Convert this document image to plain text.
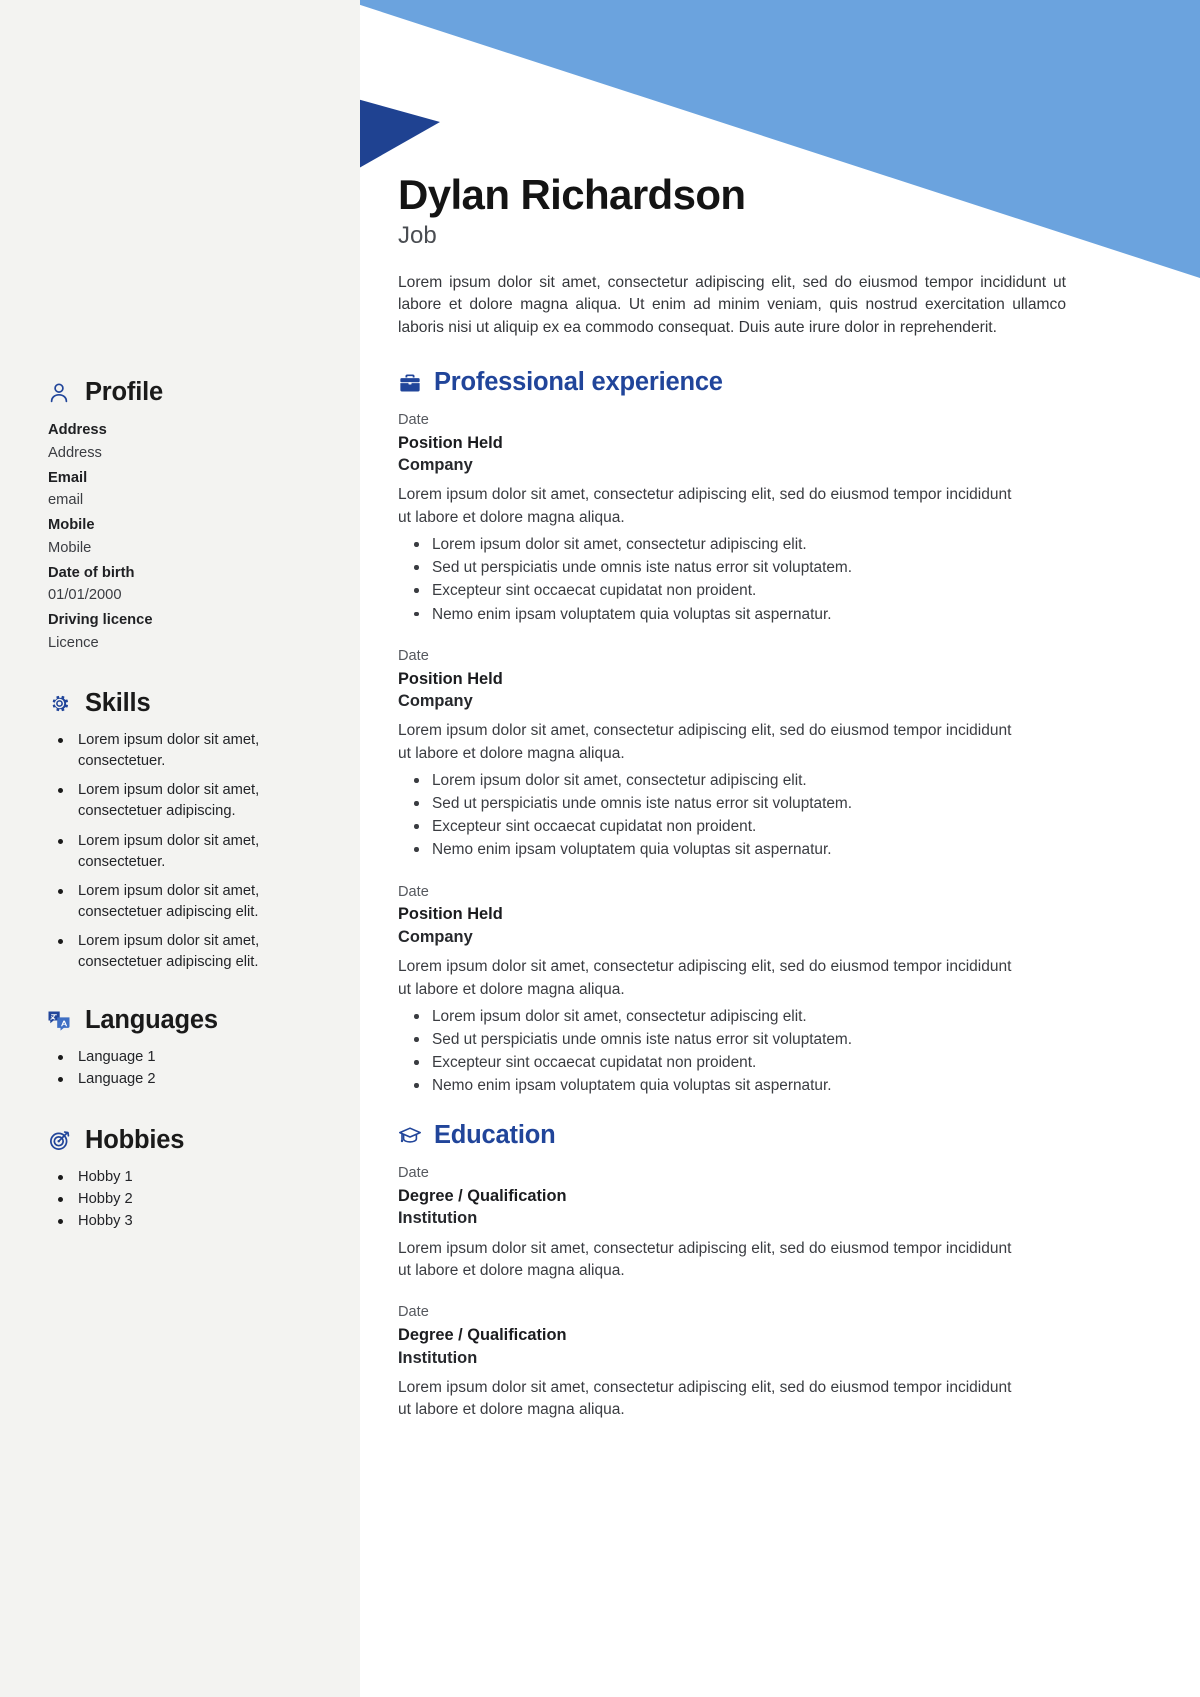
Profile
Address
Address
Email
email
Mobile
Mobile
Date of birth
01/01/2000
Driving licence
Licence
Skills
Lorem ipsum dolor sit amet, consectetuer.
Lorem ipsum dolor sit amet, consectetuer adipiscing.
Lorem ipsum dolor sit amet, consectetuer.
Lorem ipsum dolor sit amet, consectetuer adipiscing elit.
Lorem ipsum dolor sit amet, consectetuer adipiscing elit.
Languages
Language 1
Language 2
Hobbies
Hobby 1
Hobby 2
Hobby 3
Dylan Richardson
Job

Lorem ipsum dolor sit amet, consectetur adipiscing elit, sed do eiusmod tempor incididunt ut labore et dolore magna aliqua. Ut enim ad minim veniam, quis nostrud exercitation ullamco laboris nisi ut aliquip ex ea commodo consequat. Duis aute irure dolor in reprehenderit.

Professional experience
Date
Position Held
Company
Lorem ipsum dolor sit amet, consectetur adipiscing elit, sed do eiusmod tempor incididunt ut labore et dolore magna aliqua.
Lorem ipsum dolor sit amet, consectetur adipiscing elit.
Sed ut perspiciatis unde omnis iste natus error sit voluptatem.
Excepteur sint occaecat cupidatat non proident.
Nemo enim ipsam voluptatem quia voluptas sit aspernatur.
Date
Position Held
Company
Lorem ipsum dolor sit amet, consectetur adipiscing elit, sed do eiusmod tempor incididunt ut labore et dolore magna aliqua.
Lorem ipsum dolor sit amet, consectetur adipiscing elit.
Sed ut perspiciatis unde omnis iste natus error sit voluptatem.
Excepteur sint occaecat cupidatat non proident.
Nemo enim ipsam voluptatem quia voluptas sit aspernatur.
Date
Position Held
Company
Lorem ipsum dolor sit amet, consectetur adipiscing elit, sed do eiusmod tempor incididunt ut labore et dolore magna aliqua.
Lorem ipsum dolor sit amet, consectetur adipiscing elit.
Sed ut perspiciatis unde omnis iste natus error sit voluptatem.
Excepteur sint occaecat cupidatat non proident.
Nemo enim ipsam voluptatem quia voluptas sit aspernatur.
Education
Date
Degree / Qualification
Institution
Lorem ipsum dolor sit amet, consectetur adipiscing elit, sed do eiusmod tempor incididunt ut labore et dolore magna aliqua.
Date
Degree / Qualification
Institution
Lorem ipsum dolor sit amet, consectetur adipiscing elit, sed do eiusmod tempor incididunt ut labore et dolore magna aliqua.
